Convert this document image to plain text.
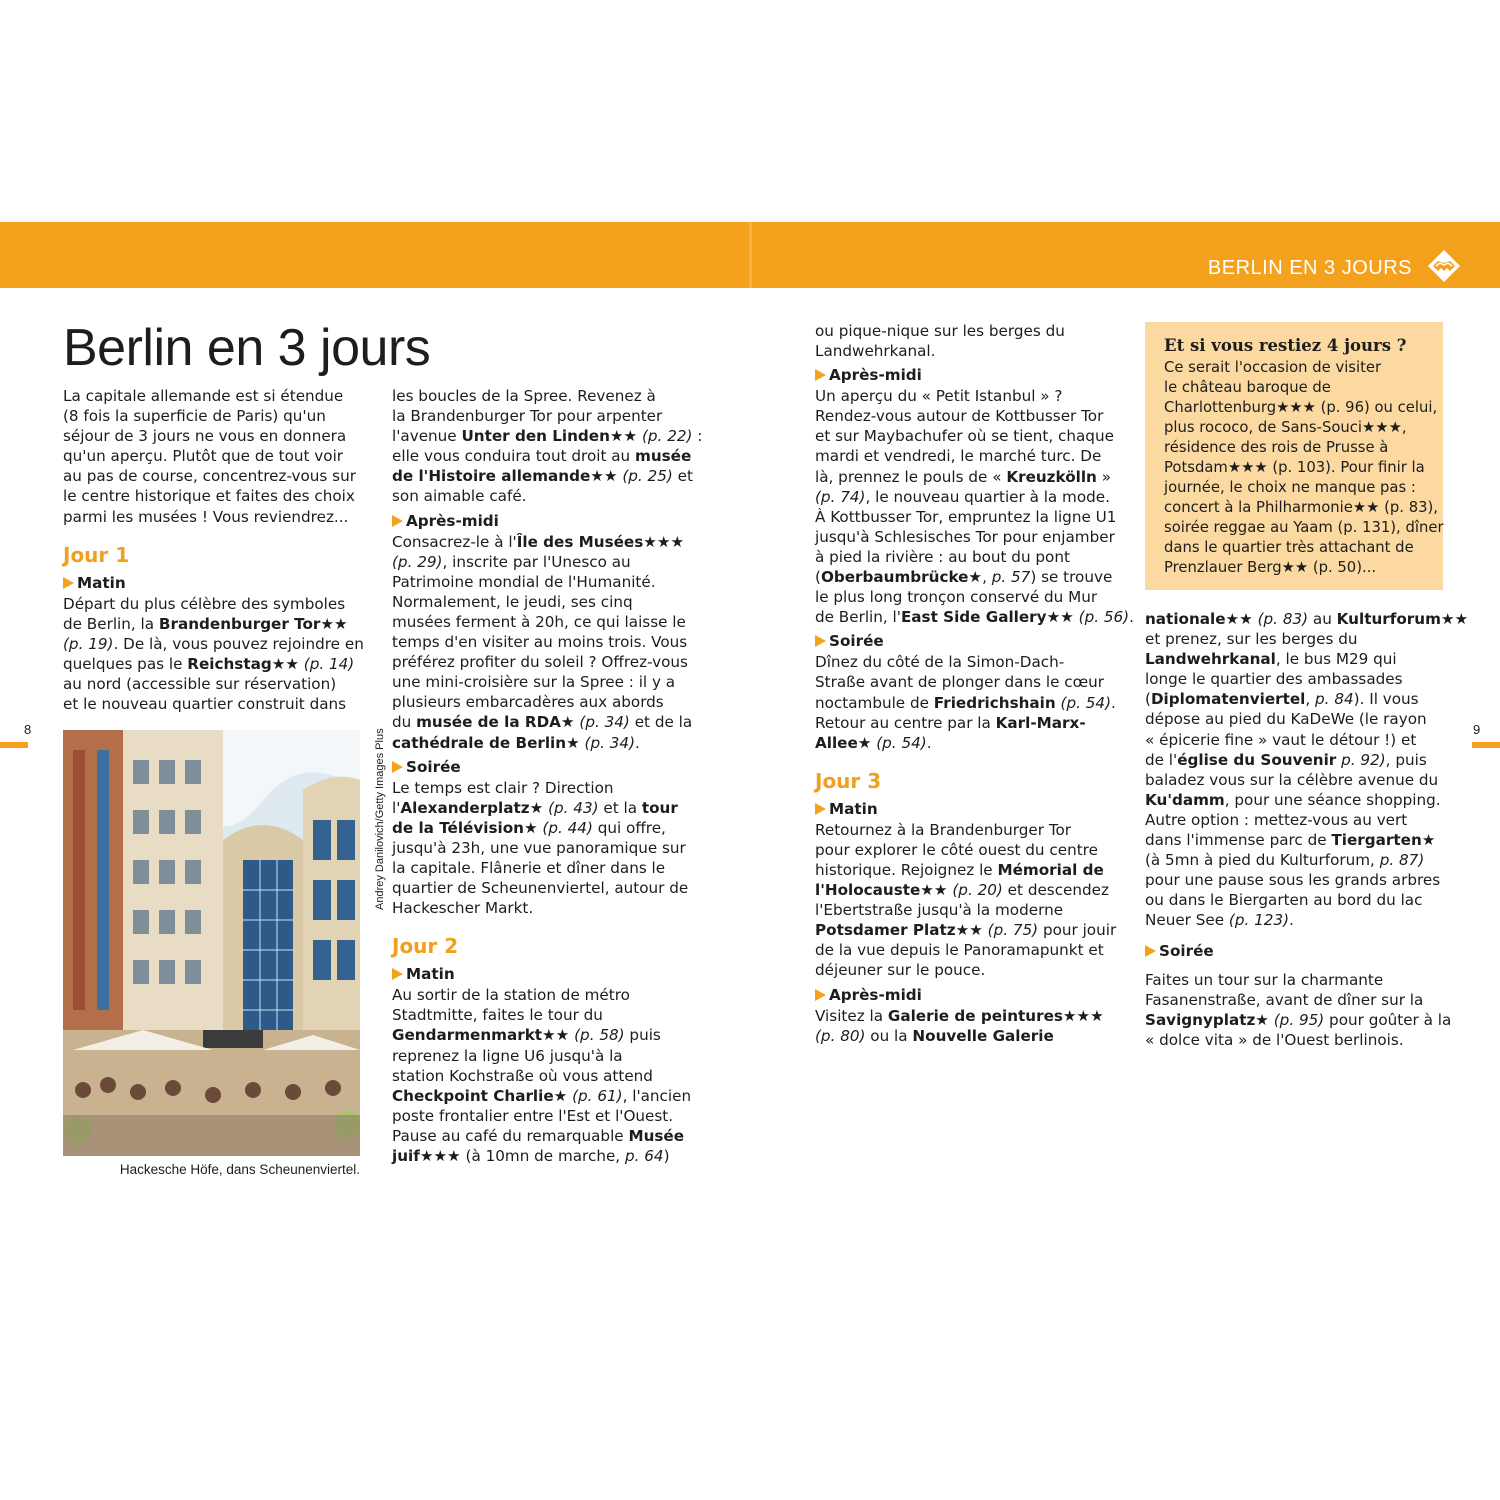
BERLIN EN 3 JOURS
8	9
Berlin en 3 jours
La capitale allemande est si étendue
(8 fois la superficie de Paris) qu'un
séjour de 3 jours ne vous en donnera
qu'un aperçu. Plutôt que de tout voir
au pas de course, concentrez-vous sur
le centre historique et faites des choix
parmi les musées ! Vous reviendrez...
Jour 1
Matin
Départ du plus célèbre des symboles
de Berlin, la Brandenburger Tor★★
(p. 19). De là, vous pouvez rejoindre en
quelques pas le Reichstag★★ (p. 14)
au nord (accessible sur réservation)
et le nouveau quartier construit dans
Andrey Danilovich/Getty Images Plus
Hackesche Höfe, dans Scheunenviertel.
les boucles de la Spree. Revenez à
la Brandenburger Tor pour arpenter
l'avenue Unter den Linden★★ (p. 22) :
elle vous conduira tout droit au musée
de l'Histoire allemande★★ (p. 25) et
son aimable café.
Après-midi
Consacrez-le à l'Île des Musées★★★
(p. 29), inscrite par l'Unesco au
Patrimoine mondial de l'Humanité.
Normalement, le jeudi, ses cinq
musées ferment à 20h, ce qui laisse le
temps d'en visiter au moins trois. Vous
préférez profiter du soleil ? Offrez-vous
une mini-croisière sur la Spree : il y a
plusieurs embarcadères aux abords
du musée de la RDA★ (p. 34) et de la
cathédrale de Berlin★ (p. 34).
Soirée
Le temps est clair ? Direction
l'Alexanderplatz★ (p. 43) et la tour
de la Télévision★ (p. 44) qui offre,
jusqu'à 23h, une vue panoramique sur
la capitale. Flânerie et dîner dans le
quartier de Scheunenviertel, autour de
Hackescher Markt.
Jour 2
Matin
Au sortir de la station de métro
Stadtmitte, faites le tour du
Gendarmenmarkt★★ (p. 58) puis
reprenez la ligne U6 jusqu'à la
station Kochstraße où vous attend
Checkpoint Charlie★ (p. 61), l'ancien
poste frontalier entre l'Est et l'Ouest.
Pause au café du remarquable Musée
juif★★★ (à 10mn de marche, p. 64)
ou pique-nique sur les berges du
Landwehrkanal.
Après-midi
Un aperçu du « Petit Istanbul » ?
Rendez-vous autour de Kottbusser Tor
et sur Maybachufer où se tient, chaque
mardi et vendredi, le marché turc. De
là, prennez le pouls de « Kreuzkölln »
(p. 74), le nouveau quartier à la mode.
À Kottbusser Tor, empruntez la ligne U1
jusqu'à Schlesisches Tor pour enjamber
à pied la rivière : au bout du pont
(Oberbaumbrücke★, p. 57) se trouve
le plus long tronçon conservé du Mur
de Berlin, l'East Side Gallery★★ (p. 56).
Soirée
Dînez du côté de la Simon-Dach-
Straße avant de plonger dans le cœur
noctambule de Friedrichshain (p. 54).
Retour au centre par la Karl-Marx-
Allee★ (p. 54).
Jour 3
Matin
Retournez à la Brandenburger Tor
pour explorer le côté ouest du centre
historique. Rejoignez le Mémorial de
l'Holocauste★★ (p. 20) et descendez
l'Ebertstraße jusqu'à la moderne
Potsdamer Platz★★ (p. 75) pour jouir
de la vue depuis le Panoramapunkt et
déjeuner sur le pouce.
Après-midi
Visitez la Galerie de peintures★★★
(p. 80) ou la Nouvelle Galerie
Et si vous restiez 4 jours ?
Ce serait l'occasion de visiter
le château baroque de
Charlottenburg★★★ (p. 96) ou celui,
plus rococo, de Sans-Souci★★★,
résidence des rois de Prusse à
Potsdam★★★ (p. 103). Pour finir la
journée, le choix ne manque pas :
concert à la Philharmonie★★ (p. 83),
soirée reggae au Yaam (p. 131), dîner
dans le quartier très attachant de
Prenzlauer Berg★★ (p. 50)...
nationale★★ (p. 83) au Kulturforum★★
et prenez, sur les berges du
Landwehrkanal, le bus M29 qui
longe le quartier des ambassades
(Diplomatenviertel, p. 84). Il vous
dépose au pied du KaDeWe (le rayon
« épicerie fine » vaut le détour !) et
de l'église du Souvenir p. 92), puis
baladez vous sur la célèbre avenue du
Ku'damm, pour une séance shopping.
Autre option : mettez-vous au vert
dans l'immense parc de Tiergarten★
(à 5mn à pied du Kulturforum, p. 87)
pour une pause sous les grands arbres
ou dans le Biergarten au bord du lac
Neuer See (p. 123).
Soirée
Faites un tour sur la charmante
Fasanenstraße, avant de dîner sur la
Savignyplatz★ (p. 95) pour goûter à la
« dolce vita » de l'Ouest berlinois.
